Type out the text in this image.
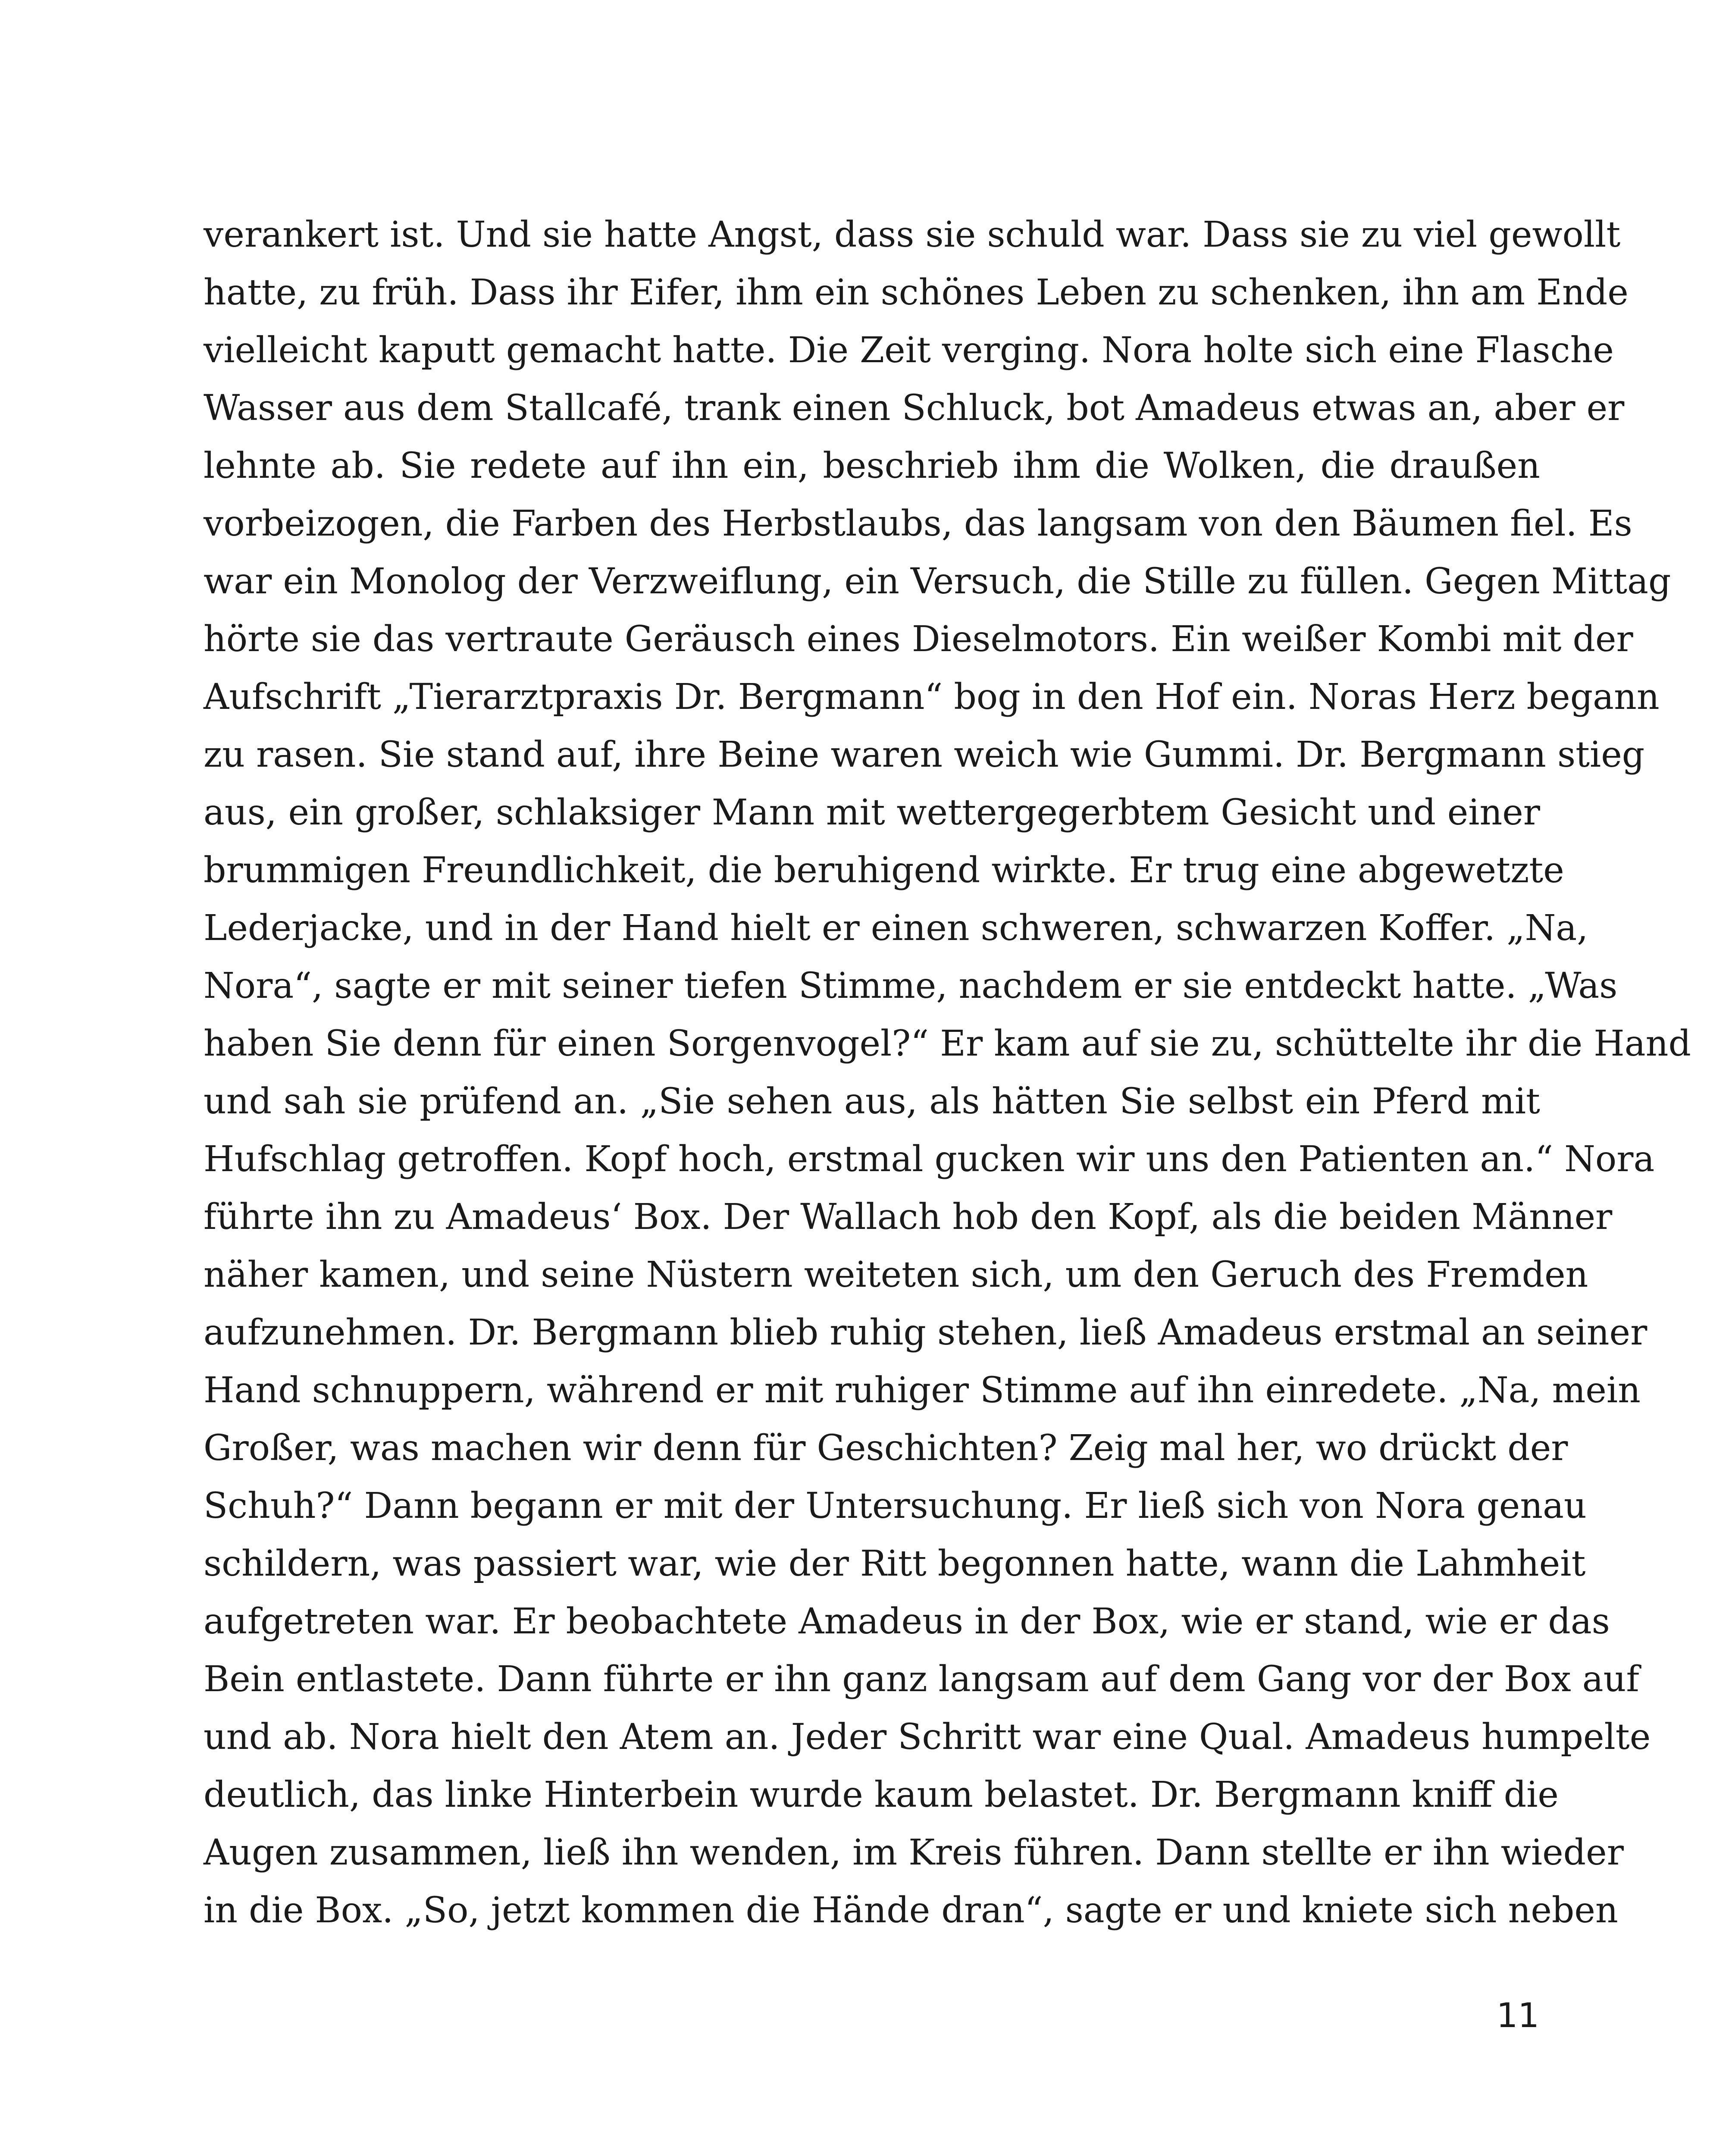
verankert ist. Und sie hatte Angst, dass sie schuld war. Dass sie zu viel gewollt
hatte, zu früh. Dass ihr Eifer, ihm ein schönes Leben zu schenken, ihn am Ende
vielleicht kaputt gemacht hatte. Die Zeit verging. Nora holte sich eine Flasche
Wasser aus dem Stallcafé, trank einen Schluck, bot Amadeus etwas an, aber er
lehnte ab. Sie redete auf ihn ein, beschrieb ihm die Wolken, die draußen
vorbeizogen, die Farben des Herbstlaubs, das langsam von den Bäumen fiel. Es
war ein Monolog der Verzweiflung, ein Versuch, die Stille zu füllen. Gegen Mittag
hörte sie das vertraute Geräusch eines Dieselmotors. Ein weißer Kombi mit der
Aufschrift „Tierarztpraxis Dr. Bergmann“ bog in den Hof ein. Noras Herz begann
zu rasen. Sie stand auf, ihre Beine waren weich wie Gummi. Dr. Bergmann stieg
aus, ein großer, schlaksiger Mann mit wettergegerbtem Gesicht und einer
brummigen Freundlichkeit, die beruhigend wirkte. Er trug eine abgewetzte
Lederjacke, und in der Hand hielt er einen schweren, schwarzen Koffer. „Na,
Nora“, sagte er mit seiner tiefen Stimme, nachdem er sie entdeckt hatte. „Was
haben Sie denn für einen Sorgenvogel?“ Er kam auf sie zu, schüttelte ihr die Hand
und sah sie prüfend an. „Sie sehen aus, als hätten Sie selbst ein Pferd mit
Hufschlag getroffen. Kopf hoch, erstmal gucken wir uns den Patienten an.“ Nora
führte ihn zu Amadeus‘ Box. Der Wallach hob den Kopf, als die beiden Männer
näher kamen, und seine Nüstern weiteten sich, um den Geruch des Fremden
aufzunehmen. Dr. Bergmann blieb ruhig stehen, ließ Amadeus erstmal an seiner
Hand schnuppern, während er mit ruhiger Stimme auf ihn einredete. „Na, mein
Großer, was machen wir denn für Geschichten? Zeig mal her, wo drückt der
Schuh?“ Dann begann er mit der Untersuchung. Er ließ sich von Nora genau
schildern, was passiert war, wie der Ritt begonnen hatte, wann die Lahmheit
aufgetreten war. Er beobachtete Amadeus in der Box, wie er stand, wie er das
Bein entlastete. Dann führte er ihn ganz langsam auf dem Gang vor der Box auf
und ab. Nora hielt den Atem an. Jeder Schritt war eine Qual. Amadeus humpelte
deutlich, das linke Hinterbein wurde kaum belastet. Dr. Bergmann kniff die
Augen zusammen, ließ ihn wenden, im Kreis führen. Dann stellte er ihn wieder
in die Box. „So, jetzt kommen die Hände dran“, sagte er und kniete sich neben
11
